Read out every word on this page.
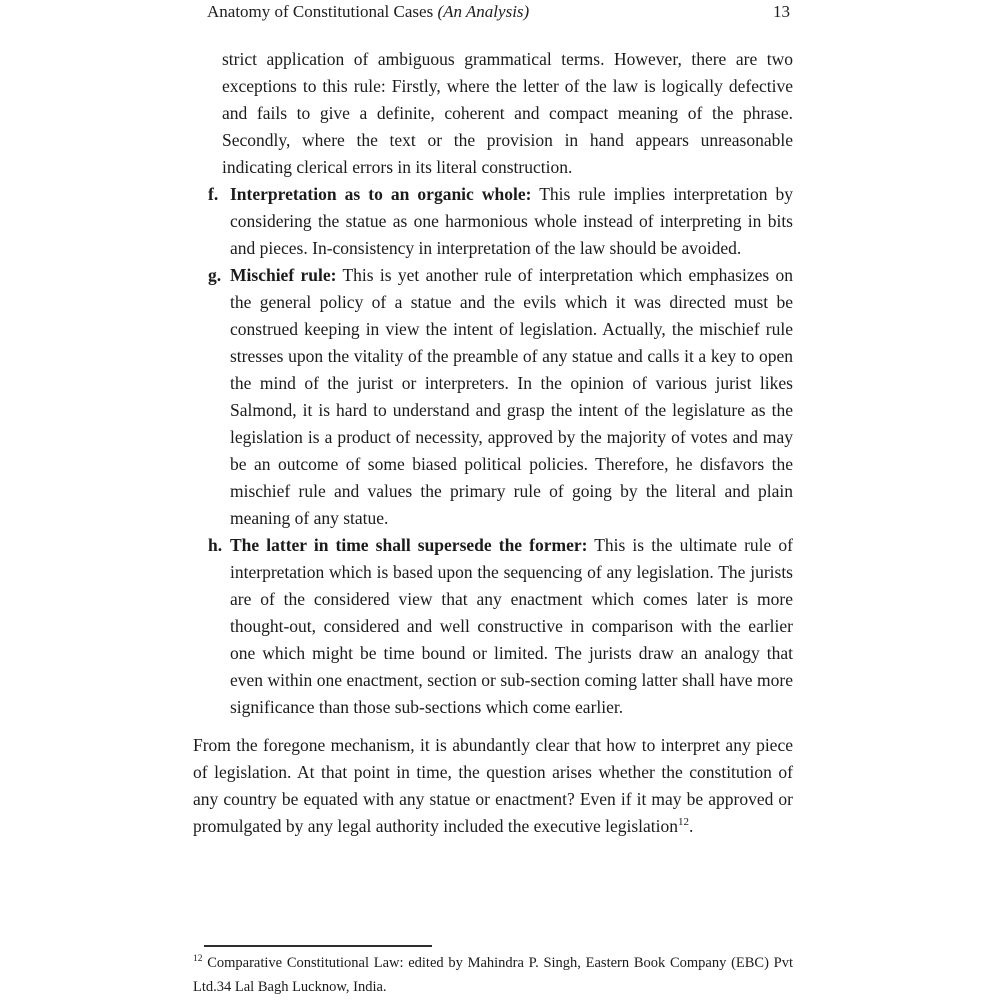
Anatomy of Constitutional Cases (An Analysis)	13

strict application of ambiguous grammatical terms. However, there are two exceptions to this rule: Firstly, where the letter of the law is logically defective and fails to give a definite, coherent and compact meaning of the phrase. Secondly, where the text or the provision in hand appears unreasonable indicating clerical errors in its literal construction.

f. Interpretation as to an organic whole: This rule implies interpretation by considering the statue as one harmonious whole instead of interpreting in bits and pieces. In-consistency in interpretation of the law should be avoided.
g. Mischief rule: This is yet another rule of interpretation which emphasizes on the general policy of a statue and the evils which it was directed must be construed keeping in view the intent of legislation. Actually, the mischief rule stresses upon the vitality of the preamble of any statue and calls it a key to open the mind of the jurist or interpreters. In the opinion of various jurist likes Salmond, it is hard to understand and grasp the intent of the legislature as the legislation is a product of necessity, approved by the majority of votes and may be an outcome of some biased political policies. Therefore, he disfavors the mischief rule and values the primary rule of going by the literal and plain meaning of any statue.
h. The latter in time shall supersede the former: This is the ultimate rule of interpretation which is based upon the sequencing of any legislation. The jurists are of the considered view that any enactment which comes later is more thought-out, considered and well constructive in comparison with the earlier one which might be time bound or limited. The jurists draw an analogy that even within one enactment, section or sub-section coming latter shall have more significance than those sub-sections which come earlier.

From the foregone mechanism, it is abundantly clear that how to interpret any piece of legislation. At that point in time, the question arises whether the constitution of any country be equated with any statue or enactment? Even if it may be approved or promulgated by any legal authority included the executive legislation$^{12}$.

$^{12}$ Comparative Constitutional Law: edited by Mahindra P. Singh, Eastern Book Company (EBC) Pvt Ltd.34 Lal Bagh Lucknow, India.
